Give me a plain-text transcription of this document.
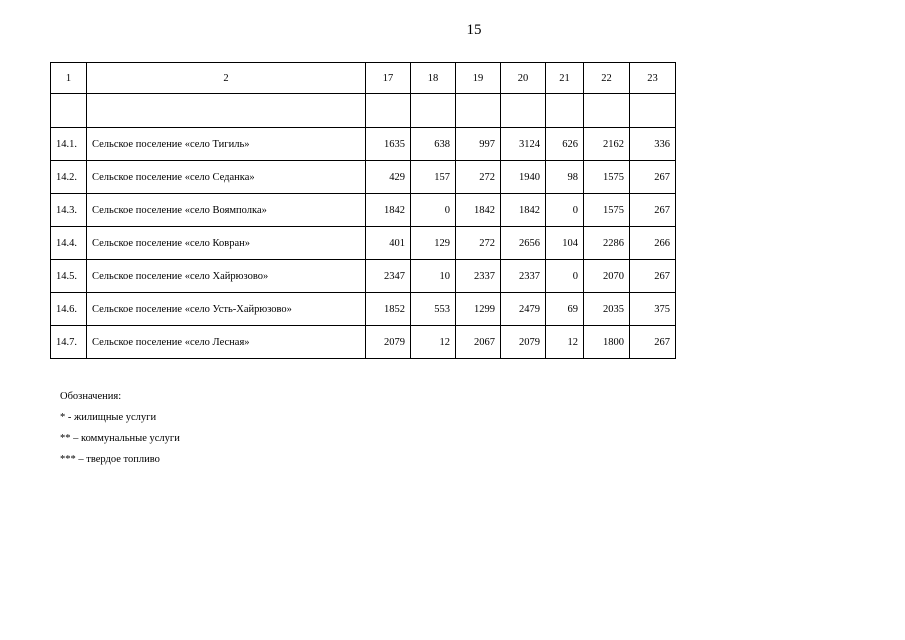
15
1	2	17	18	19	20	21	22	23

14.1.	Сельское поселение «село Тигиль»	1635	638	997	3124	626	2162	336
14.2.	Сельское поселение «село Седанка»	429	157	272	1940	98	1575	267
14.3.	Сельское поселение «село Воямполка»	1842	0	1842	1842	0	1575	267
14.4.	Сельское поселение «село Ковран»	401	129	272	2656	104	2286	266
14.5.	Сельское поселение «село Хайрюзово»	2347	10	2337	2337	0	2070	267
14.6.	Сельское поселение «село Усть-Хайрюзово»	1852	553	1299	2479	69	2035	375
14.7.	Сельское поселение «село Лесная»	2079	12	2067	2079	12	1800	267
Обозначения:
* - жилищные услуги
** – коммунальные услуги
*** – твердое топливо
